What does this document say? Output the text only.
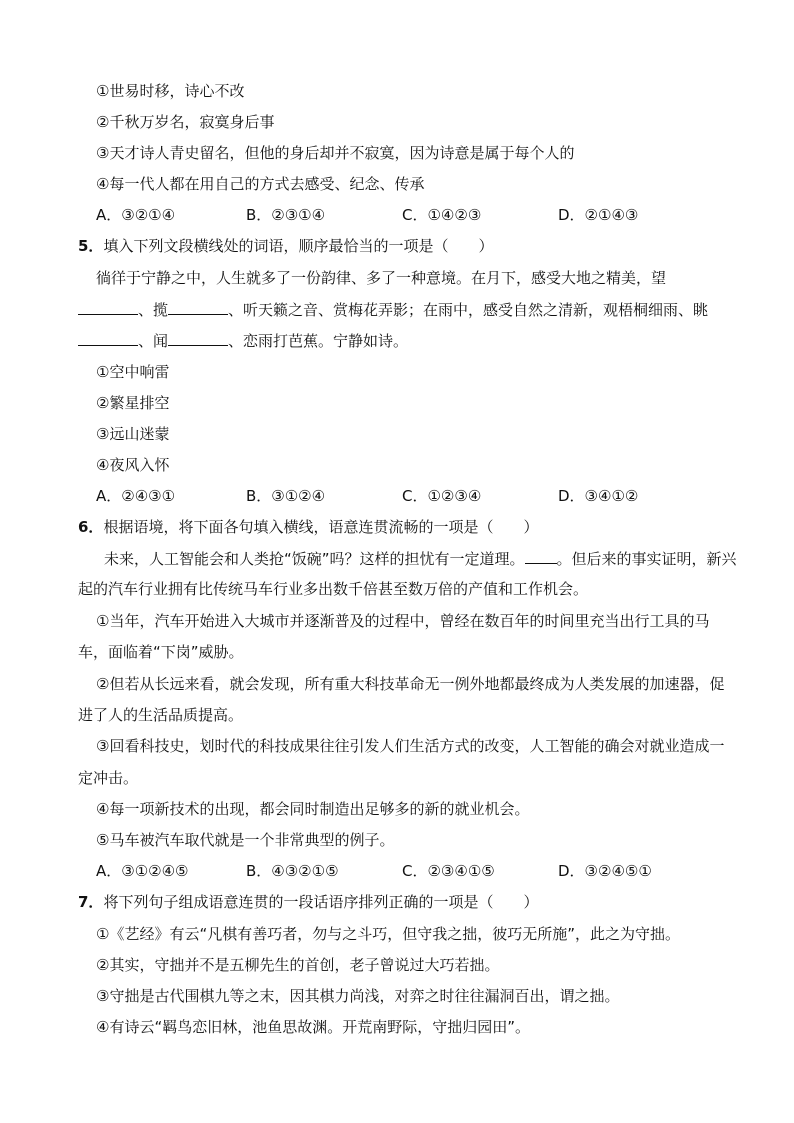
①世易时移，诗心不改
②千秋万岁名，寂寞身后事
③天才诗人青史留名，但他的身后却并不寂寞，因为诗意是属于每个人的
④每一代人都在用自己的方式去感受、纪念、传承
A．③②①④	B．②③①④	C．①④②③	D．②①④③
5．填入下列文段横线处的词语，顺序最恰当的一项是（　　）
徜徉于宁静之中，人生就多了一份韵律、多了一种意境。在月下，感受大地之精美，望
、揽	、听天籁之音、赏梅花弄影；在雨中，感受自然之清新，观梧桐细雨、眺
、闻	、恋雨打芭蕉。宁静如诗。
①空中响雷
②繁星排空
③远山迷蒙
④夜风入怀
A．②④③①	B．③①②④	C．①②③④	D．③④①②
6．根据语境，将下面各句填入横线，语意连贯流畅的一项是（　　）
未来，人工智能会和人类抢“饭碗”吗？这样的担忧有一定道理。 。但后来的事实证明，新兴
起的汽车行业拥有比传统马车行业多出数千倍甚至数万倍的产值和工作机会。
①当年，汽车开始进入大城市并逐渐普及的过程中，曾经在数百年的时间里充当出行工具的马
车，面临着“下岗”威胁。
②但若从长远来看，就会发现，所有重大科技革命无一例外地都最终成为人类发展的加速器，促
进了人的生活品质提高。
③回看科技史，划时代的科技成果往往引发人们生活方式的改变，人工智能的确会对就业造成一
定冲击。
④每一项新技术的出现，都会同时制造出足够多的新的就业机会。
⑤马车被汽车取代就是一个非常典型的例子。
A．③①②④⑤	B．④③②①⑤	C．②③④①⑤	D．③②④⑤①
7．将下列句子组成语意连贯的一段话语序排列正确的一项是（　　）
①《艺经》有云“凡棋有善巧者，勿与之斗巧，但守我之拙，彼巧无所施”，此之为守拙。
②其实，守拙并不是五柳先生的首创，老子曾说过大巧若拙。
③守拙是古代围棋九等之末，因其棋力尚浅，对弈之时往往漏洞百出，谓之拙。
④有诗云“羁鸟恋旧林，池鱼思故渊。开荒南野际，守拙归园田”。
